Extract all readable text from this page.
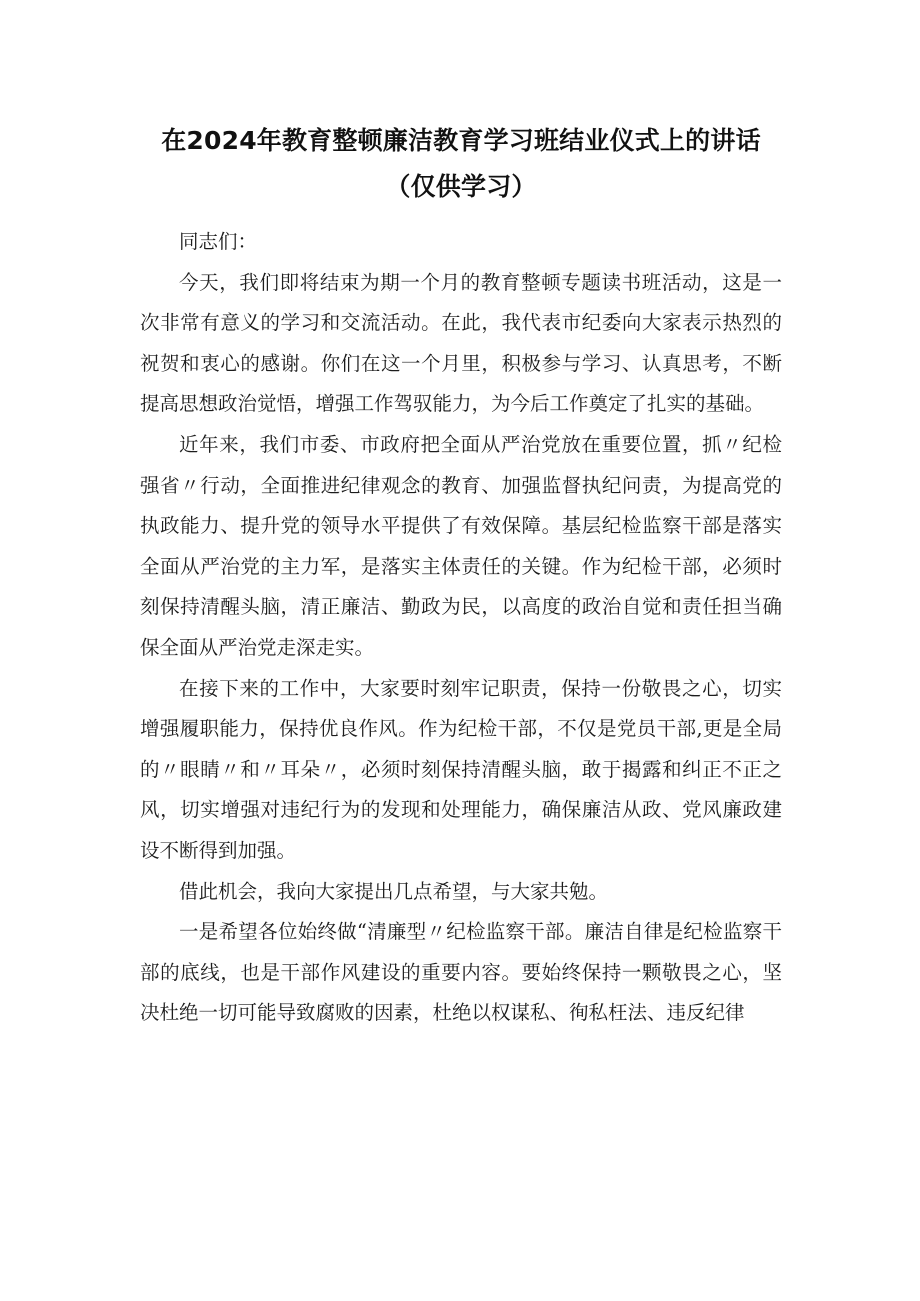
在2024年教育整顿廉洁教育学习班结业仪式上的讲话（仅供学习）

同志们：

今天，我们即将结束为期一个月的教育整顿专题读书班活动，这是一次非常有意义的学习和交流活动。在此，我代表市纪委向大家表示热烈的祝贺和衷心的感谢。你们在这一个月里，积极参与学习、认真思考，不断提高思想政治觉悟，增强工作驾驭能力，为今后工作奠定了扎实的基础。

近年来，我们市委、市政府把全面从严治党放在重要位置，抓〃纪检强省〃行动，全面推进纪律观念的教育、加强监督执纪问责，为提高党的执政能力、提升党的领导水平提供了有效保障。基层纪检监察干部是落实全面从严治党的主力军，是落实主体责任的关键。作为纪检干部，必须时刻保持清醒头脑，清正廉洁、勤政为民，以高度的政治自觉和责任担当确保全面从严治党走深走实。

在接下来的工作中，大家要时刻牢记职责，保持一份敬畏之心，切实增强履职能力，保持优良作风。作为纪检干部，不仅是党员干部,更是全局的〃眼睛〃和〃耳朵〃，必须时刻保持清醒头脑，敢于揭露和纠正不正之风，切实增强对违纪行为的发现和处理能力，确保廉洁从政、党风廉政建设不断得到加强。

借此机会，我向大家提出几点希望，与大家共勉。

一是希望各位始终做“清廉型〃纪检监察干部。廉洁自律是纪检监察干部的底线，也是干部作风建设的重要内容。要始终保持一颗敬畏之心，坚决杜绝一切可能导致腐败的因素，杜绝以权谋私、徇私枉法、违反纪律
